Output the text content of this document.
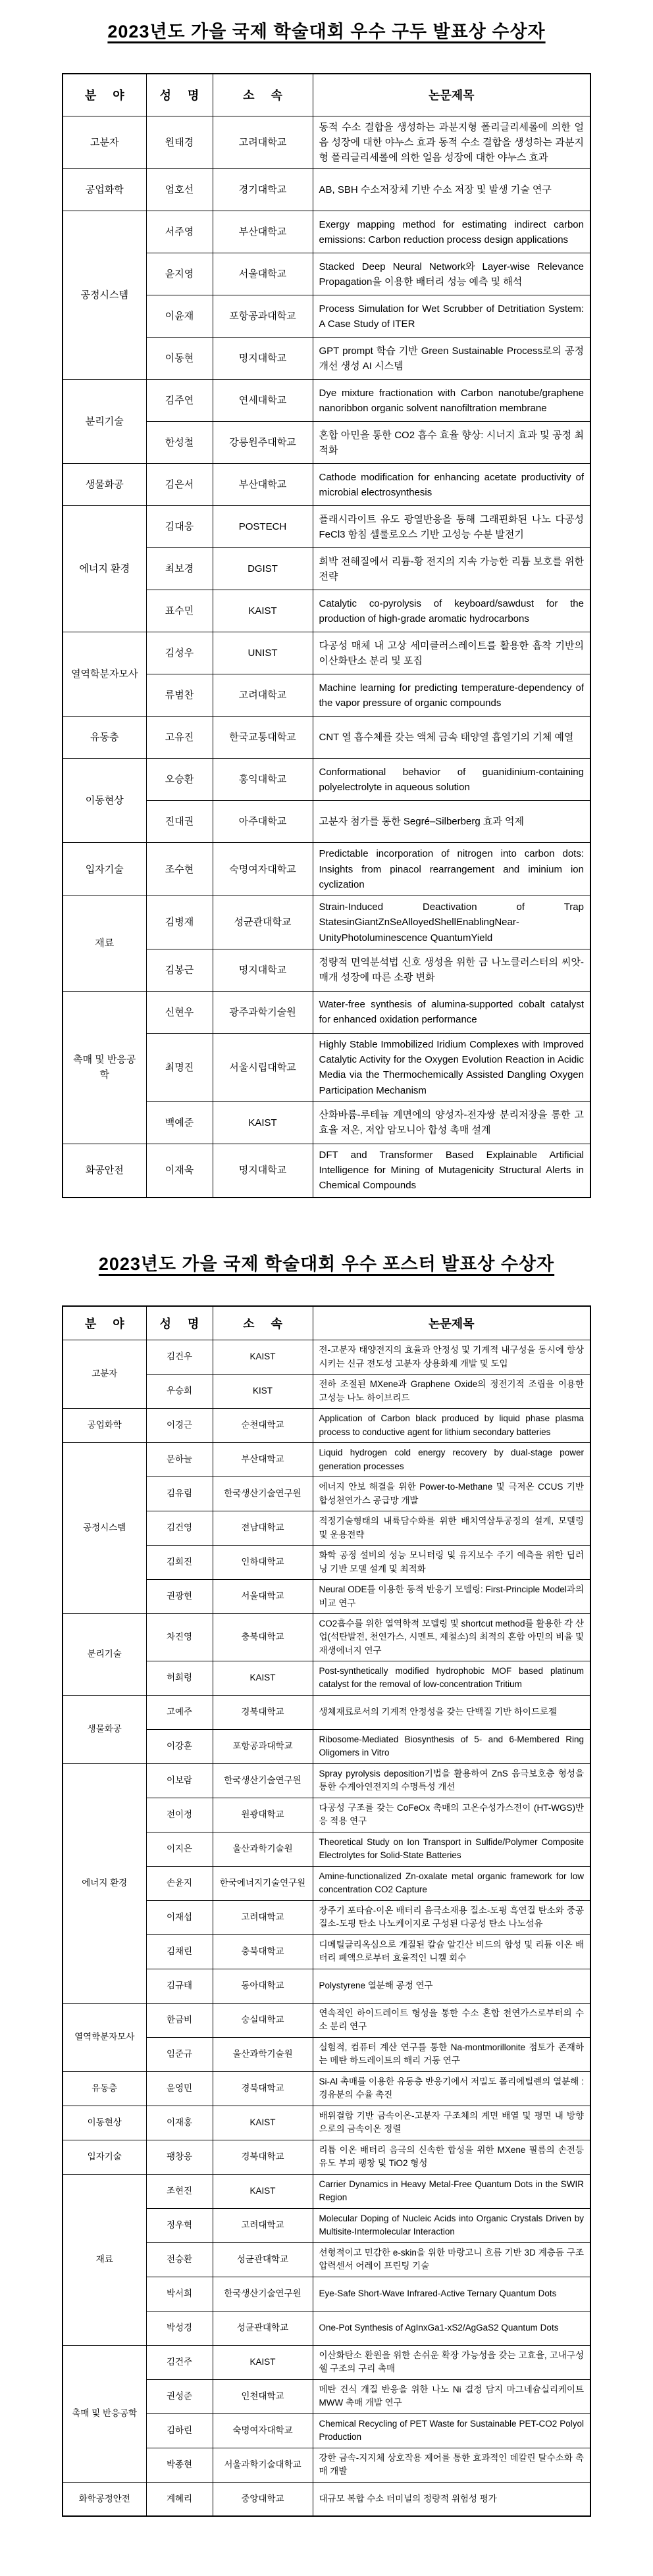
2023년도 가을 국제 학술대회 우수 구두 발표상 수상자
분 야	성 명	소 속	논문제목
고분자	원태경	고려대학교	동적 수소 결합을 생성하는 과분지형 폴리글리세롤에 의한 얼음 성장에 대한 야누스 효과 동적 수소 결합을 생성하는 과분지형 폴리글리세롤에 의한 얼음 성장에 대한 야누스 효과
공업화학	엄호선	경기대학교	AB, SBH 수소저장체 기반 수소 저장 및 발생 기술 연구
공정시스템	서주영	부산대학교	Exergy mapping method for estimating indirect carbon emissions: Carbon reduction process design applications
	윤지영	서울대학교	Stacked Deep Neural Network와 Layer-wise Relevance Propagation을 이용한 배터리 성능 예측 및 해석
	이윤재	포항공과대학교	Process Simulation for Wet Scrubber of Detritiation System: A Case Study of ITER
	이동현	명지대학교	GPT prompt 학습 기반 Green Sustainable Process로의 공정 개선 생성 AI 시스템
분리기술	김주연	연세대학교	Dye mixture fractionation with Carbon nanotube/graphene nanoribbon organic solvent nanofiltration membrane
	한성철	강릉원주대학교	혼합 아민을 통한 CO2 흡수 효율 향상: 시너지 효과 및 공정 최적화
생물화공	김은서	부산대학교	Cathode modification for enhancing acetate productivity of microbial electrosynthesis
에너지 환경	김대웅	POSTECH	플래시라이트 유도 광열반응을 통해 그래핀화된 나노 다공성 FeCl3 함침 셀룰로오스 기반 고성능 수분 발전기
	최보경	DGIST	희박 전해질에서 리튬-황 전지의 지속 가능한 리튬 보호를 위한 전략
	표수민	KAIST	Catalytic co-pyrolysis of keyboard/sawdust for the production of high-grade aromatic hydrocarbons
열역학분자모사	김성우	UNIST	다공성 매체 내 고상 세미클러스레이트를 활용한 흡착 기반의 이산화탄소 분리 및 포집
	류범찬	고려대학교	Machine learning for predicting temperature-dependency of the vapor pressure of organic compounds
유동층	고유진	한국교통대학교	CNT 열 흡수체를 갖는 액체 금속 태양열 흡열기의 기체 예열
이동현상	오승환	홍익대학교	Conformational behavior of guanidinium-containing polyelectrolyte in aqueous solution
	진대권	아주대학교	고분자 첨가를 통한 Segré–Silberberg 효과 억제
입자기술	조수현	숙명여자대학교	Predictable incorporation of nitrogen into carbon dots: Insights from pinacol rearrangement and iminium ion cyclization
재료	김병재	성균관대학교	Strain-Induced Deactivation of Trap StatesinGiantZnSeAlloyedShellEnablingNear-UnityPhotoluminescence QuantumYield
	김봉근	명지대학교	정량적 면역분석법 신호 생성을 위한 금 나노클러스터의 씨앗-매개 성장에 따른 소광 변화
촉매 및 반응공학	신현우	광주과학기술원	Water-free synthesis of alumina-supported cobalt catalyst for enhanced oxidation performance
	최명진	서울시립대학교	Highly Stable Immobilized Iridium Complexes with Improved Catalytic Activity for the Oxygen Evolution Reaction in Acidic Media via the Thermochemically Assisted Dangling Oxygen Participation Mechanism
	백예준	KAIST	산화바륨-루테늄 계면에의 양성자-전자쌍 분리저장을 통한 고효율 저온, 저압 암모니아 합성 촉매 설계
화공안전	이재욱	명지대학교	DFT and Transformer Based Explainable Artificial Intelligence for Mining of Mutagenicity Structural Alerts in Chemical Compounds
2023년도 가을 국제 학술대회 우수 포스터 발표상 수상자
분 야	성 명	소 속	논문제목
고분자	김건우	KAIST	전-고분자 태양전지의 효율과 안정성 및 기계적 내구성을 동시에 향상시키는 신규 전도성 고분자 상용화제 개발 및 도입
	우승희	KIST	전하 조절된 MXene과 Graphene Oxide의 정전기적 조립을 이용한 고성능 나노 하이브리드
공업화학	이경근	순천대학교	Application of Carbon black produced by liquid phase plasma process to conductive agent for lithium secondary batteries
공정시스템	문하늘	부산대학교	Liquid hydrogen cold energy recovery by dual-stage power generation processes
	김유림	한국생산기술연구원	에너지 안보 해결을 위한 Power-to-Methane 및 극저온 CCUS 기반 합성천연가스 공급망 개발
	김건영	전남대학교	적정기술형태의 내륙담수화를 위한 배치역삼투공정의 설계, 모델링 및 운용전략
	김희진	인하대학교	화학 공정 설비의 성능 모니터링 및 유지보수 주기 예측을 위한 딥러닝 기반 모델 설계 및 최적화
	권광현	서울대학교	Neural ODE를 이용한 동적 반응기 모델링: First-Principle Model과의 비교 연구
분리기술	차진영	충북대학교	CO2흡수를 위한 열역학적 모델링 및 shortcut method를 활용한 각 산업(석탄발전, 천연가스, 시멘트, 제철소)의 최적의 혼합 아민의 비율 및 재생에너지 연구
	허희령	KAIST	Post-synthetically modified hydrophobic MOF based platinum catalyst for the removal of low-concentration Tritium
생물화공	고예주	경북대학교	생체재료로서의 기계적 안정성을 갖는 단백질 기반 하이드로젤
	이강훈	포항공과대학교	Ribosome-Mediated Biosynthesis of 5- and 6-Membered Ring Oligomers in Vitro
에너지 환경	이보람	한국생산기술연구원	Spray pyrolysis deposition기법을 활용하여 ZnS 음극보호층 형성을 통한 수계아연전지의 수명특성 개선
	전이정	원광대학교	다공성 구조를 갖는 CoFeOx 촉매의 고온수성가스전이 (HT-WGS)반응 적용 연구
	이지은	울산과학기술원	Theoretical Study on Ion Transport in Sulfide/Polymer Composite Electrolytes for Solid-State Batteries
	손윤지	한국에너지기술연구원	Amine-functionalized Zn-oxalate metal organic framework for low concentration CO2 Capture
	이재섭	고려대학교	장주기 포타슘-이온 배터리 음극소재용 질소-도핑 흑연질 탄소와 중공 질소-도핑 탄소 나노케이지로 구성된 다공성 탄소 나노섬유
	김채린	충북대학교	디메틸글리옥심으로 개질된 칼슘 알긴산 비드의 합성 및 리튬 이온 배터리 폐액으로부터 효율적인 니켈 회수
	김규태	동아대학교	Polystyrene 열분해 공정 연구
열역학분자모사	한금비	숭실대학교	연속적인 하이드레이트 형성을 통한 수소 혼합 천연가스로부터의 수소 분리 연구
	임준규	울산과학기술원	실험적, 컴퓨터 계산 연구를 통한 Na-montmorillonite 점토가 존재하는 메탄 하드레이트의 해리 거동 연구
유동층	윤영민	경북대학교	Si-Al 촉매를 이용한 유동층 반응기에서 저밀도 폴리에틸렌의 열분해 : 경유분의 수율 촉진
이동현상	이재홍	KAIST	배위결합 기반 금속이온-고분자 구조체의 계면 배열 및 평면 내 방향으로의 금속이온 정렬
입자기술	팽창응	경북대학교	리튬 이온 배터리 음극의 신속한 합성을 위한 MXene 필름의 손전등 유도 부피 팽창 및 TiO2 형성
재료	조현진	KAIST	Carrier Dynamics in Heavy Metal-Free Quantum Dots in the SWIR Region
	정우혁	고려대학교	Molecular Doping of Nucleic Acids into Organic Crystals Driven by Multisite-Intermolecular Interaction
	전승환	성균관대학교	선형적이고 민감한 e-skin을 위한 마랑고니 흐름 기반 3D 계층돔 구조 압력센서 어레이 프린팅 기술
	박서희	한국생산기술연구원	Eye-Safe Short-Wave Infrared-Active Ternary Quantum Dots
	박성경	성균관대학교	One-Pot Synthesis of AgInxGa1-xS2/AgGaS2 Quantum Dots
촉매 및 반응공학	김건주	KAIST	이산화탄소 환원을 위한 손쉬운 확장 가능성을 갖는 고효율, 고내구성 쉘 구조의 구리 촉매
	권성준	인천대학교	메탄 건식 개질 반응을 위한 나노 Ni 결정 담지 마그네슘실리케이트 MWW 촉매 개발 연구
	김하린	숙명여자대학교	Chemical Recycling of PET Waste for Sustainable PET-CO2 Polyol Production
	박종현	서울과학기술대학교	강한 금속-지지체 상호작용 제어를 통한 효과적인 데칼린 탈수소화 촉매 개발
화학공정안전	계혜리	중앙대학교	대규모 복합 수소 터미널의 정량적 위험성 평가
